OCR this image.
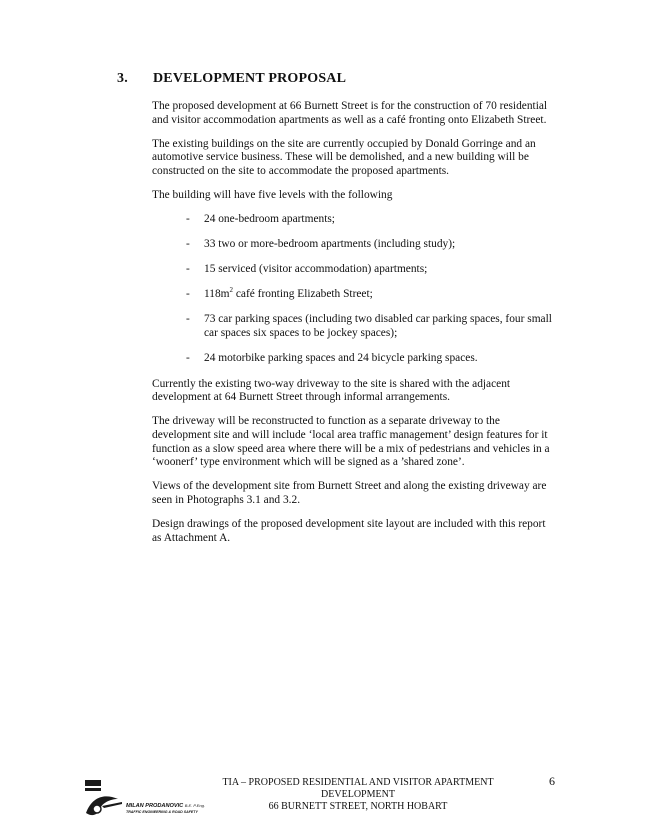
3. DEVELOPMENT PROPOSAL

The proposed development at 66 Burnett Street is for the construction of 70 residential and visitor accommodation apartments as well as a café fronting onto Elizabeth Street.

The existing buildings on the site are currently occupied by Donald Gorringe and an automotive service business. These will be demolished, and a new building will be constructed on the site to accommodate the proposed apartments.

The building will have five levels with the following

- 24 one-bedroom apartments;
- 33 two or more-bedroom apartments (including study);
- 15 serviced (visitor accommodation) apartments;
- $118m^2$ café fronting Elizabeth Street;
- 73 car parking spaces (including two disabled car parking spaces, four small car spaces six spaces to be jockey spaces);
- 24 motorbike parking spaces and 24 bicycle parking spaces.

Currently the existing two-way driveway to the site is shared with the adjacent development at 64 Burnett Street through informal arrangements.

The driveway will be reconstructed to function as a separate driveway to the development site and will include ‘local area traffic management’ design features for it function as a slow speed area where there will be a mix of pedestrians and vehicles in a ‘woonerf’ type environment which will be signed as a ’shared zone’.

Views of the development site from Burnett Street and along the existing driveway are seen in Photographs 3.1 and 3.2.

Design drawings of the proposed development site layout are included with this report as Attachment A.

MILAN PRODANOVIC B.E. P.Eng.
TRAFFIC ENGINEERING & ROAD SAFETY
TIA – PROPOSED RESIDENTIAL AND VISITOR APARTMENT
DEVELOPMENT
66 BURNETT STREET, NORTH HOBART
6
